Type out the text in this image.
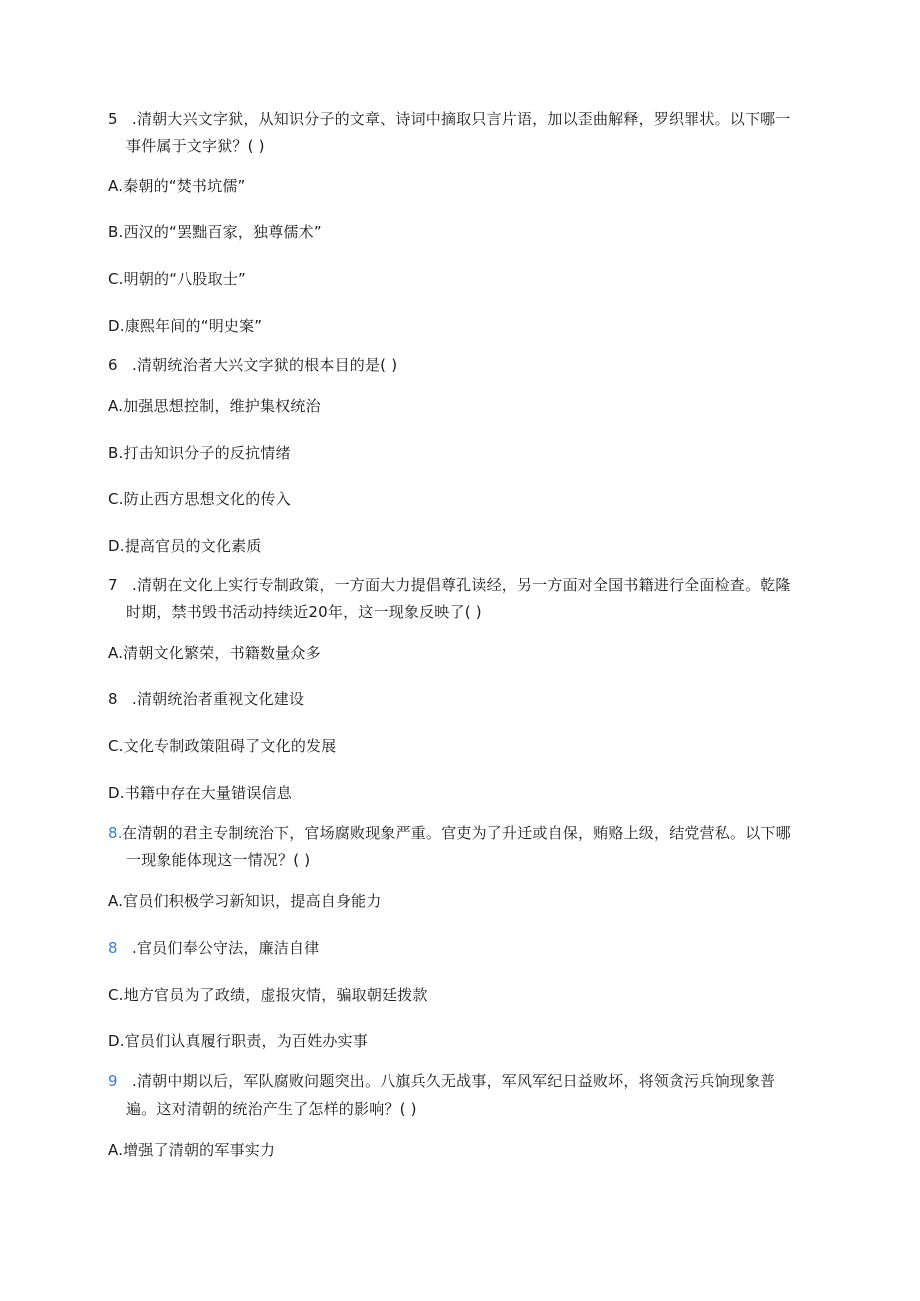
5 .清朝大兴文字狱，从知识分子的文章、诗词中摘取只言片语，加以歪曲解释，罗织罪状。以下哪一
事件属于文字狱？( )
A.秦朝的“焚书坑儒”
B.西汉的“罢黜百家，独尊儒术”
C.明朝的“八股取士”
D.康熙年间的“明史案”
6 .清朝统治者大兴文字狱的根本目的是( )
A.加强思想控制，维护集权统治
B.打击知识分子的反抗情绪
C.防止西方思想文化的传入
D.提高官员的文化素质
7 .清朝在文化上实行专制政策，一方面大力提倡尊孔读经，另一方面对全国书籍进行全面检查。乾隆
时期，禁书毁书活动持续近20年，这一现象反映了( )
A.清朝文化繁荣，书籍数量众多
8 .清朝统治者重视文化建设
C.文化专制政策阻碍了文化的发展
D.书籍中存在大量错误信息
8.在清朝的君主专制统治下，官场腐败现象严重。官吏为了升迁或自保，贿赂上级，结党营私。以下哪
一现象能体现这一情况？( )
A.官员们积极学习新知识，提高自身能力
8 .官员们奉公守法，廉洁自律
C.地方官员为了政绩，虚报灾情，骗取朝廷拨款
D.官员们认真履行职责，为百姓办实事
9 .清朝中期以后，军队腐败问题突出。八旗兵久无战事，军风军纪日益败坏，将领贪污兵饷现象普
遍。这对清朝的统治产生了怎样的影响？( )
A.增强了清朝的军事实力
